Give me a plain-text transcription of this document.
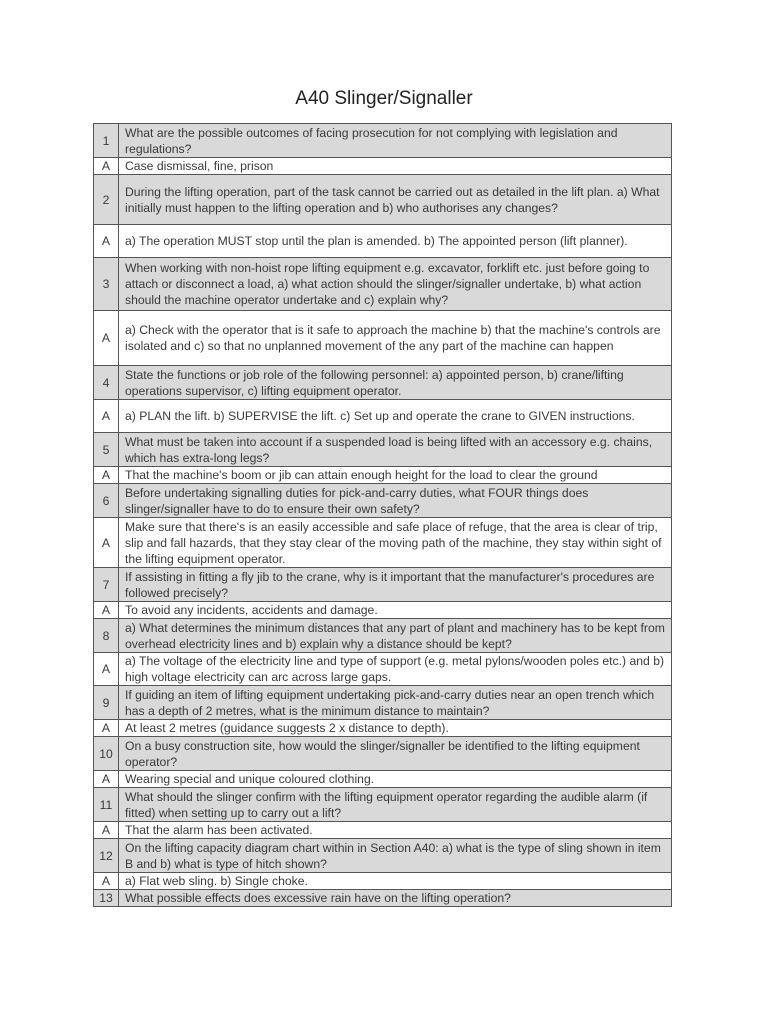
A40 Slinger/Signaller
1	What are the possible outcomes of facing prosecution for not complying with legislation and regulations?
A	Case dismissal, fine, prison
2	During the lifting operation, part of the task cannot be carried out as detailed in the lift plan. a) What initially must happen to the lifting operation and b) who authorises any changes?
A	a) The operation MUST stop until the plan is amended. b) The appointed person (lift planner).
3	When working with non-hoist rope lifting equipment e.g. excavator, forklift etc. just before going to attach or disconnect a load, a) what action should the slinger/signaller undertake, b) what action should the machine operator undertake and c) explain why?
A	a) Check with the operator that is it safe to approach the machine b) that the machine's controls are isolated and c) so that no unplanned movement of the any part of the machine can happen
4	State the functions or job role of the following personnel: a) appointed person, b) crane/lifting operations supervisor, c) lifting equipment operator.
A	a) PLAN the lift. b) SUPERVISE the lift. c) Set up and operate the crane to GIVEN instructions.
5	What must be taken into account if a suspended load is being lifted with an accessory e.g. chains, which has extra-long legs?
A	That the machine's boom or jib can attain enough height for the load to clear the ground
6	Before undertaking signalling duties for pick-and-carry duties, what FOUR things does slinger/signaller have to do to ensure their own safety?
A	Make sure that there's is an easily accessible and safe place of refuge, that the area is clear of trip, slip and fall hazards, that they stay clear of the moving path of the machine, they stay within sight of the lifting equipment operator.
7	If assisting in fitting a fly jib to the crane, why is it important that the manufacturer's procedures are followed precisely?
A	To avoid any incidents, accidents and damage.
8	a) What determines the minimum distances that any part of plant and machinery has to be kept from overhead electricity lines and b) explain why a distance should be kept?
A	a) The voltage of the electricity line and type of support (e.g. metal pylons/wooden poles etc.) and b) high voltage electricity can arc across large gaps.
9	If guiding an item of lifting equipment undertaking pick-and-carry duties near an open trench which has a depth of 2 metres, what is the minimum distance to maintain?
A	At least 2 metres (guidance suggests 2 x distance to depth).
10	On a busy construction site, how would the slinger/signaller be identified to the lifting equipment operator?
A	Wearing special and unique coloured clothing.
11	What should the slinger confirm with the lifting equipment operator regarding the audible alarm (if fitted) when setting up to carry out a lift?
A	That the alarm has been activated.
12	On the lifting capacity diagram chart within in Section A40: a) what is the type of sling shown in item B and b) what is type of hitch shown?
A	a) Flat web sling. b) Single choke.
13	What possible effects does excessive rain have on the lifting operation?
